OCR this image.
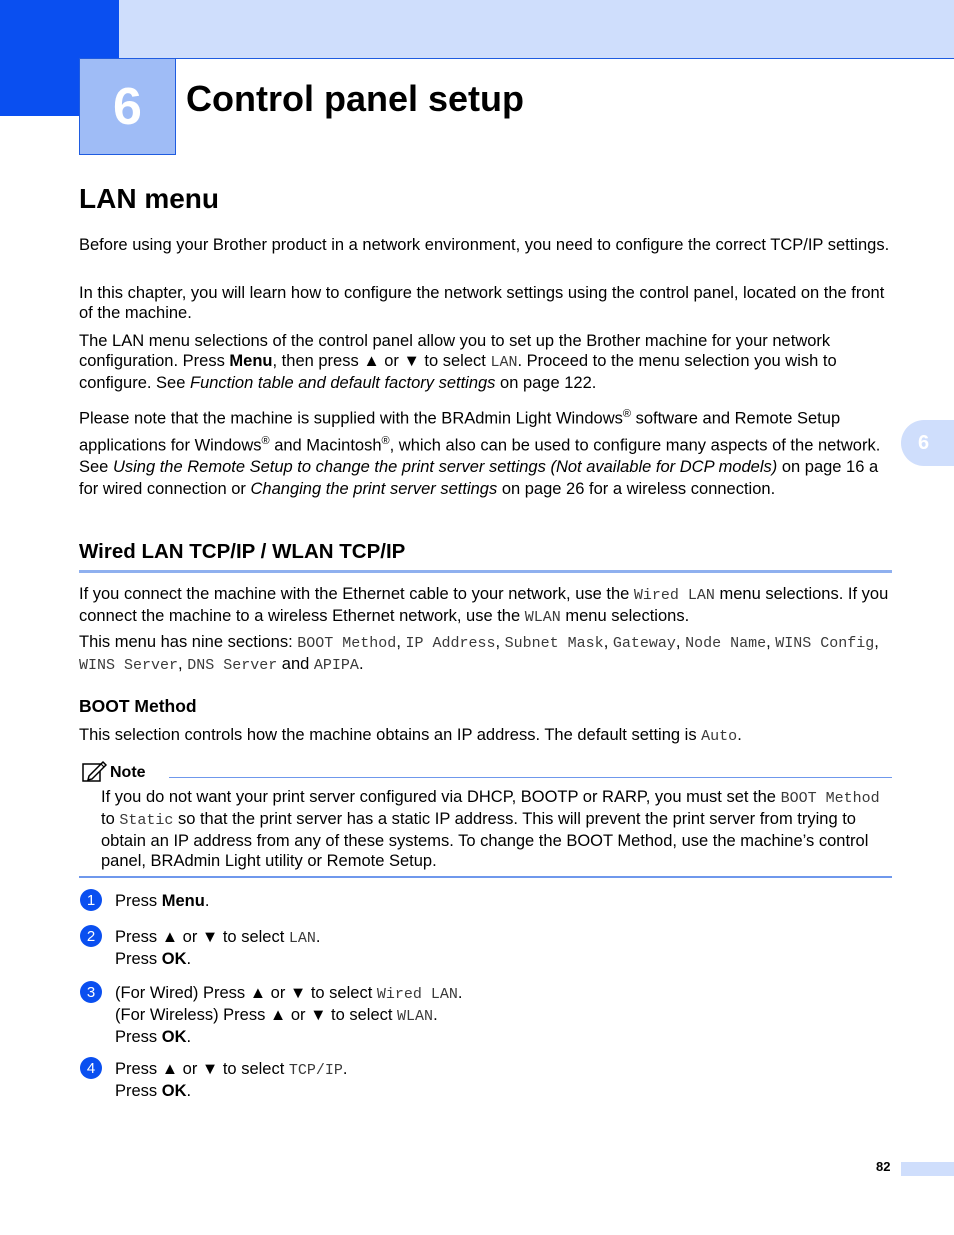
6 Control panel setup
6
LAN menu
Before using your Brother product in a network environment, you need to configure the correct TCP/IP settings.
In this chapter, you will learn how to configure the network settings using the control panel, located on the front of the machine.
The LAN menu selections of the control panel allow you to set up the Brother machine for your network configuration. Press Menu, then press ▲ or ▼ to select LAN. Proceed to the menu selection you wish to configure. See Function table and default factory settings on page 122.
Please note that the machine is supplied with the BRAdmin Light Windows® software and Remote Setup applications for Windows® and Macintosh®, which also can be used to configure many aspects of the network. See Using the Remote Setup to change the print server settings (Not available for DCP models) on page 16 a for wired connection or Changing the print server settings on page 26 for a wireless connection.
Wired LAN TCP/IP / WLAN TCP/IP
If you connect the machine with the Ethernet cable to your network, use the Wired LAN menu selections. If you connect the machine to a wireless Ethernet network, use the WLAN menu selections.
This menu has nine sections: BOOT Method, IP Address, Subnet Mask, Gateway, Node Name, WINS Config, WINS Server, DNS Server and APIPA.
BOOT Method
This selection controls how the machine obtains an IP address. The default setting is Auto.
Note
If you do not want your print server configured via DHCP, BOOTP or RARP, you must set the BOOT Method to Static so that the print server has a static IP address. This will prevent the print server from trying to obtain an IP address from any of these systems. To change the BOOT Method, use the machine’s control panel, BRAdmin Light utility or Remote Setup.
1	Press Menu.
2	Press ▲ or ▼ to select LAN.
Press OK.
3	(For Wired) Press ▲ or ▼ to select Wired LAN.
(For Wireless) Press ▲ or ▼ to select WLAN.
Press OK.
4	Press ▲ or ▼ to select TCP/IP.
Press OK.
82
